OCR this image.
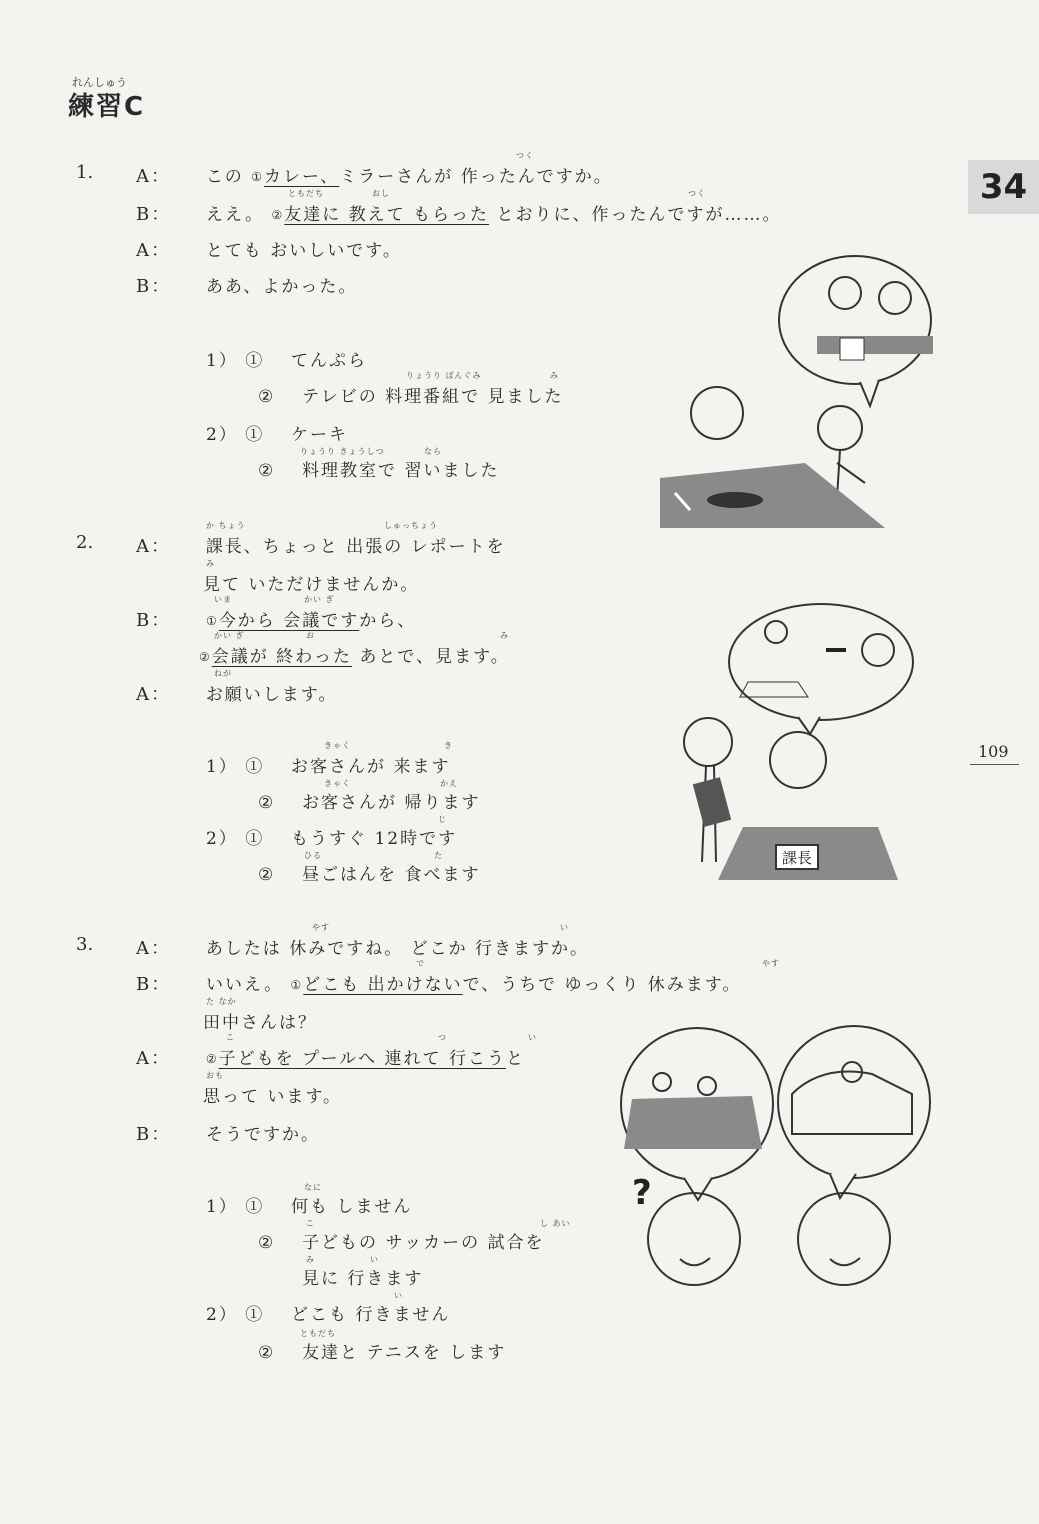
れんしゅう
練習C
34
109
1.
つく
A： この ①カレー、ミラーさんが 作ったんですか。
ともだち	おし	つく
B： ええ。 ②友達に 教えて もらった とおりに、作ったんですが……。
A： とても おいしいです。
B： ああ、よかった。
1） ① てんぷら
りょうり ばんぐみ	み
② テレビの 料理番組で 見ました
2） ① ケーキ
りょうり きょうしつ	なら
② 料理教室で 習いました
2.
か ちょう	しゅっちょう
A： 課長、ちょっと 出張の レポートを
み
見て いただけませんか。
いま	かい ぎ
B：	①今から 会議ですから、
かい ぎ	お	み
②会議が 終わった あとで、見ます。
ねが
A： お願いします。
きゃく	き
1） ① お客さんが 来ます
きゃく	かえ
② お客さんが 帰ります
じ
2） ① もうすぐ 12時です
ひる	た
② 昼ごはんを 食べます
課長
3.
やす	い
A： あしたは 休みですね。 どこか 行きますか。
で	やす
B： いいえ。 ①どこも 出かけないで、うちで ゆっくり 休みます。
た なか
田中さんは？
こ	つ	い
A：	②子どもを プールへ 連れて 行こうと
おも
思って います。
B： そうですか。
なに
1） ① 何も しません
こ	し あい
② 子どもの サッカーの 試合を
み	い
見に 行きます
い
2） ① どこも 行きません
ともだち
② 友達と テニスを します
?
